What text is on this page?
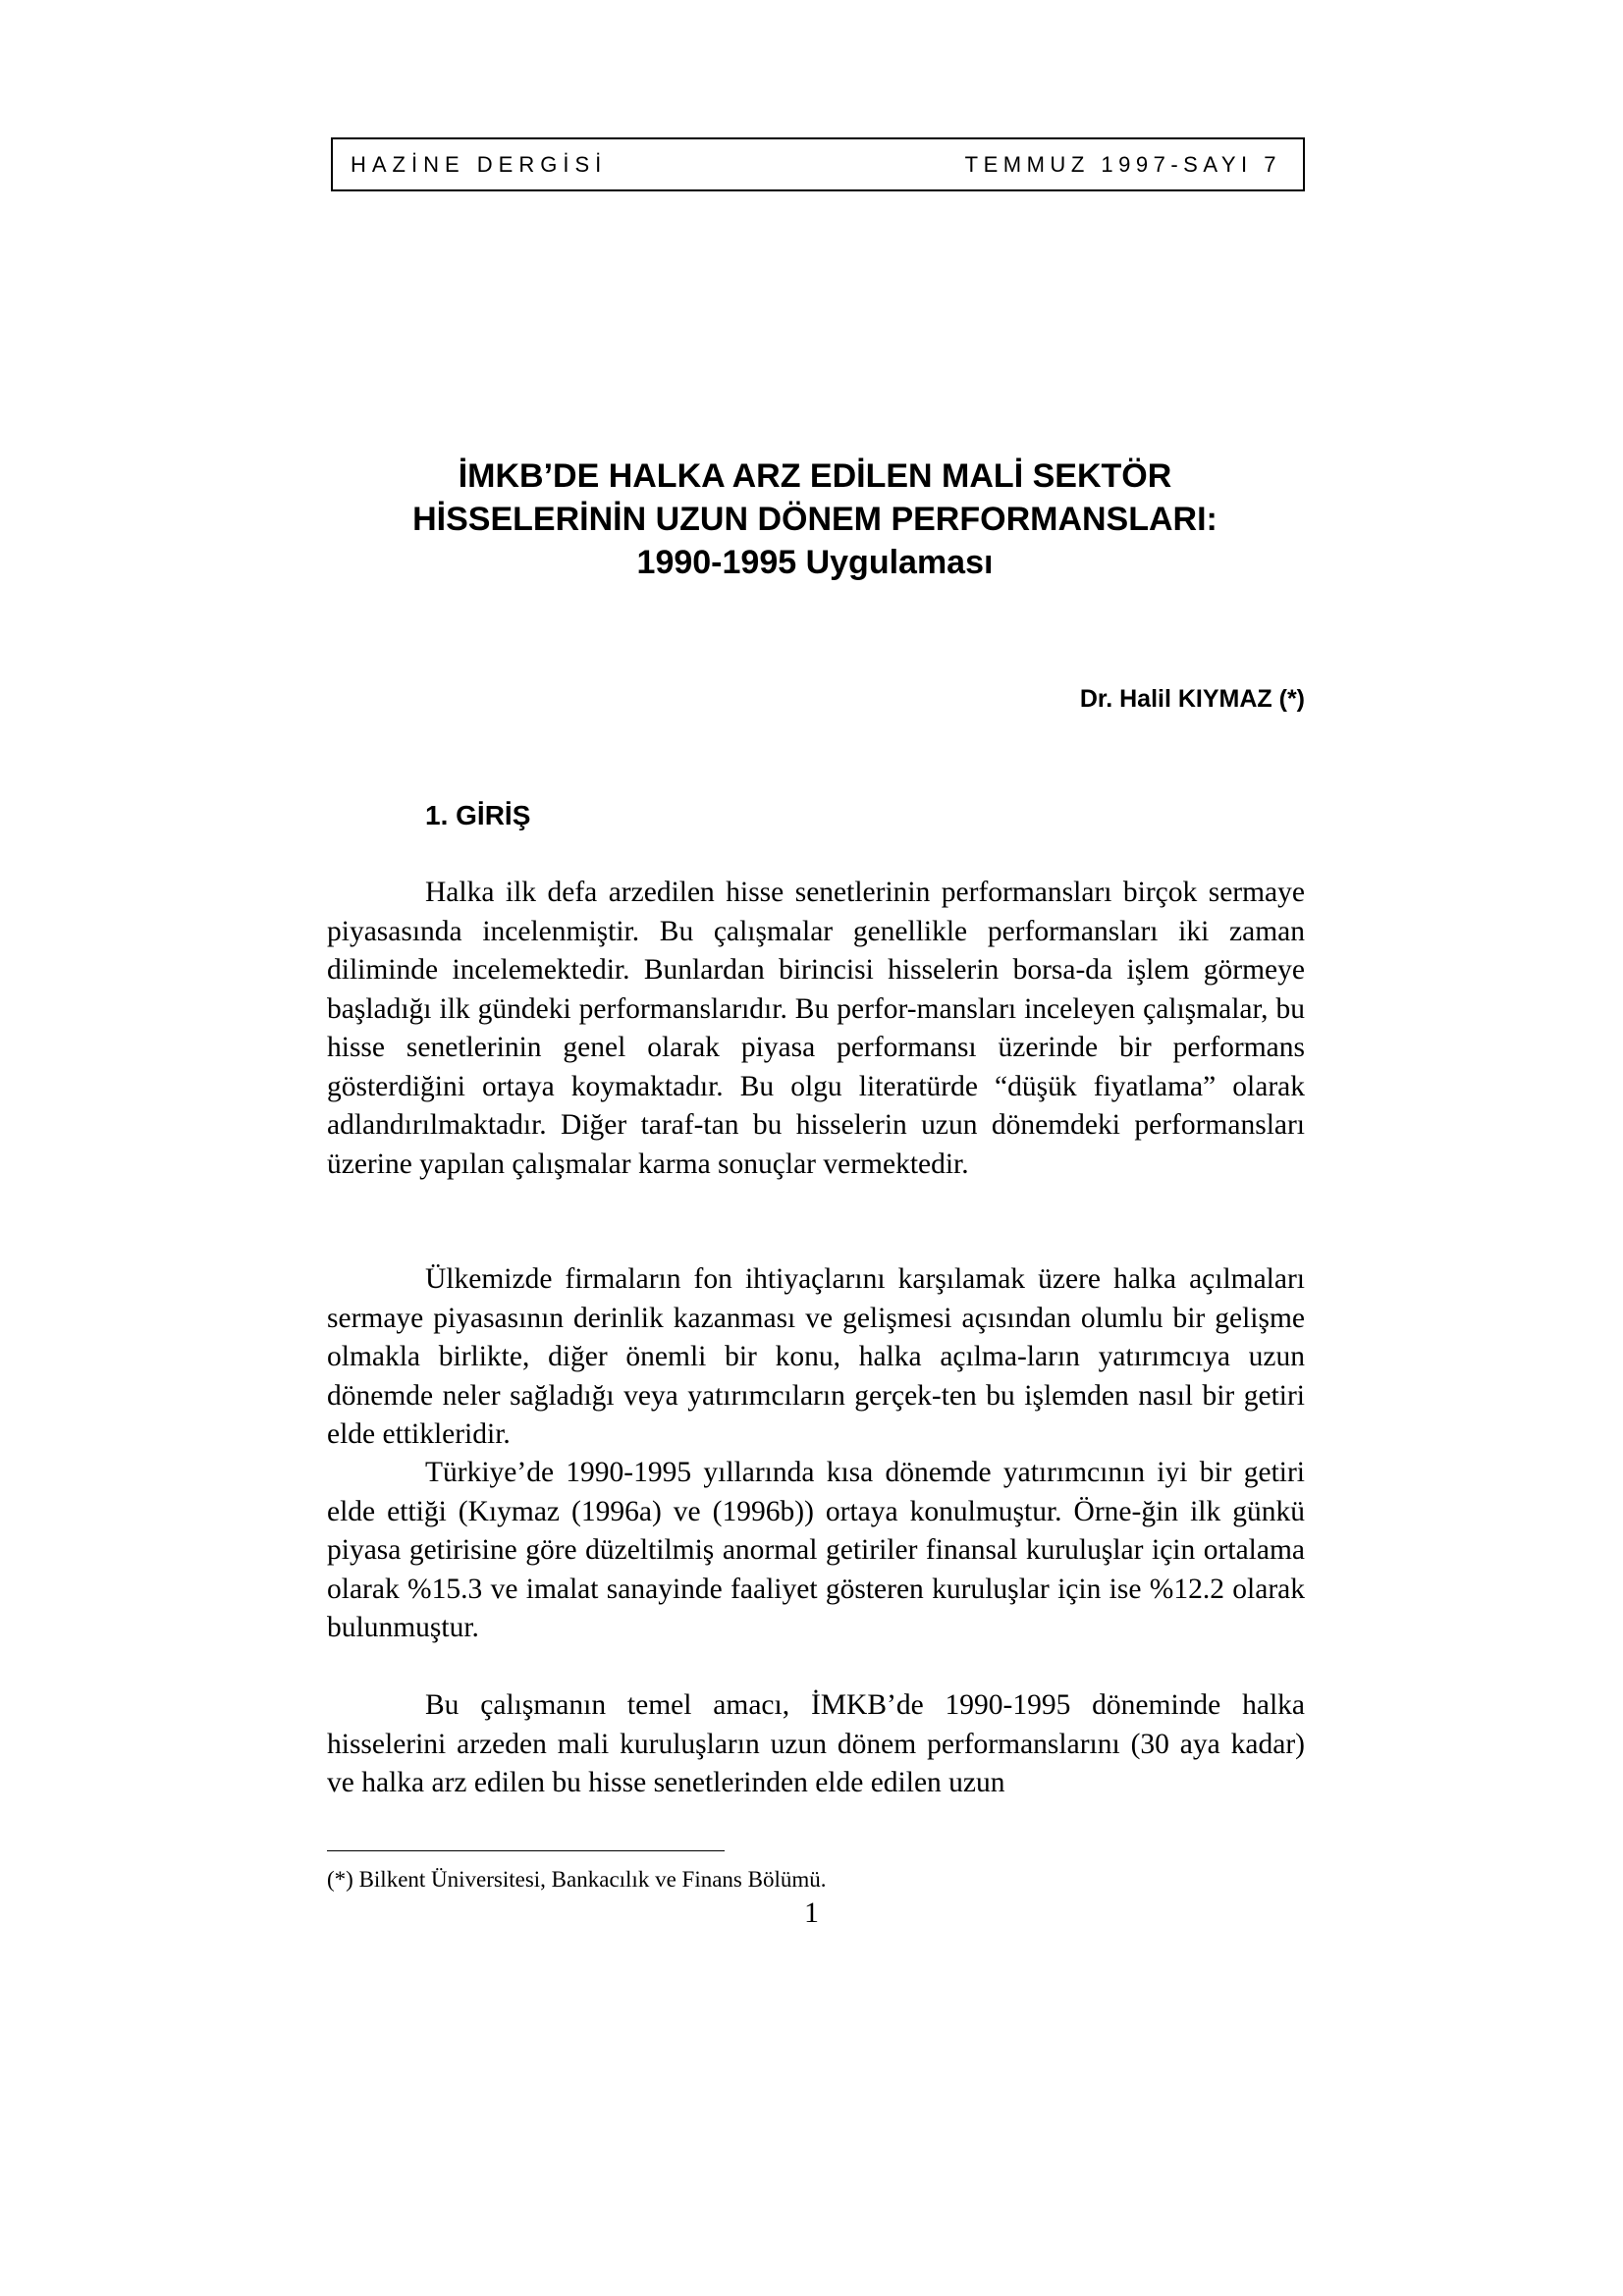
HAZİNE DERGİSİ	TEMMUZ 1997-SAYI 7
İMKB’DE HALKA ARZ EDİLEN MALİ SEKTÖR
HİSSELERİNİN UZUN DÖNEM PERFORMANSLARI:
1990-1995 Uygulaması
Dr. Halil KIYMAZ (*)
1. GİRİŞ

Halka ilk defa arzedilen hisse senetlerinin performansları birçok sermaye piyasasında incelenmiştir. Bu çalışmalar genellikle performansları iki zaman diliminde incelemektedir. Bunlardan birincisi hisselerin borsa-da işlem görmeye başladığı ilk gündeki performanslarıdır. Bu perfor-mansları inceleyen çalışmalar, bu hisse senetlerinin genel olarak piyasa performansı üzerinde bir performans gösterdiğini ortaya koymaktadır. Bu olgu literatürde “düşük fiyatlama” olarak adlandırılmaktadır. Diğer taraf-tan bu hisselerin uzun dönemdeki performansları üzerine yapılan çalışmalar karma sonuçlar vermektedir.

Ülkemizde firmaların fon ihtiyaçlarını karşılamak üzere halka açılmaları sermaye piyasasının derinlik kazanması ve gelişmesi açısından olumlu bir gelişme olmakla birlikte, diğer önemli bir konu, halka açılma-ların yatırımcıya uzun dönemde neler sağladığı veya yatırımcıların gerçek-ten bu işlemden nasıl bir getiri elde ettikleridir.

Türkiye’de 1990-1995 yıllarında kısa dönemde yatırımcının iyi bir getiri elde ettiği (Kıymaz (1996a) ve (1996b)) ortaya konulmuştur. Örne-ğin ilk günkü piyasa getirisine göre düzeltilmiş anormal getiriler finansal kuruluşlar için ortalama olarak %15.3 ve imalat sanayinde faaliyet gösteren kuruluşlar için ise %12.2 olarak bulunmuştur.

Bu çalışmanın temel amacı, İMKB’de 1990-1995 döneminde halka hisselerini arzeden mali kuruluşların uzun dönem performanslarını (30 aya kadar) ve halka arz edilen bu hisse senetlerinden elde edilen uzun

(*) Bilkent Üniversitesi, Bankacılık ve Finans Bölümü.
1
